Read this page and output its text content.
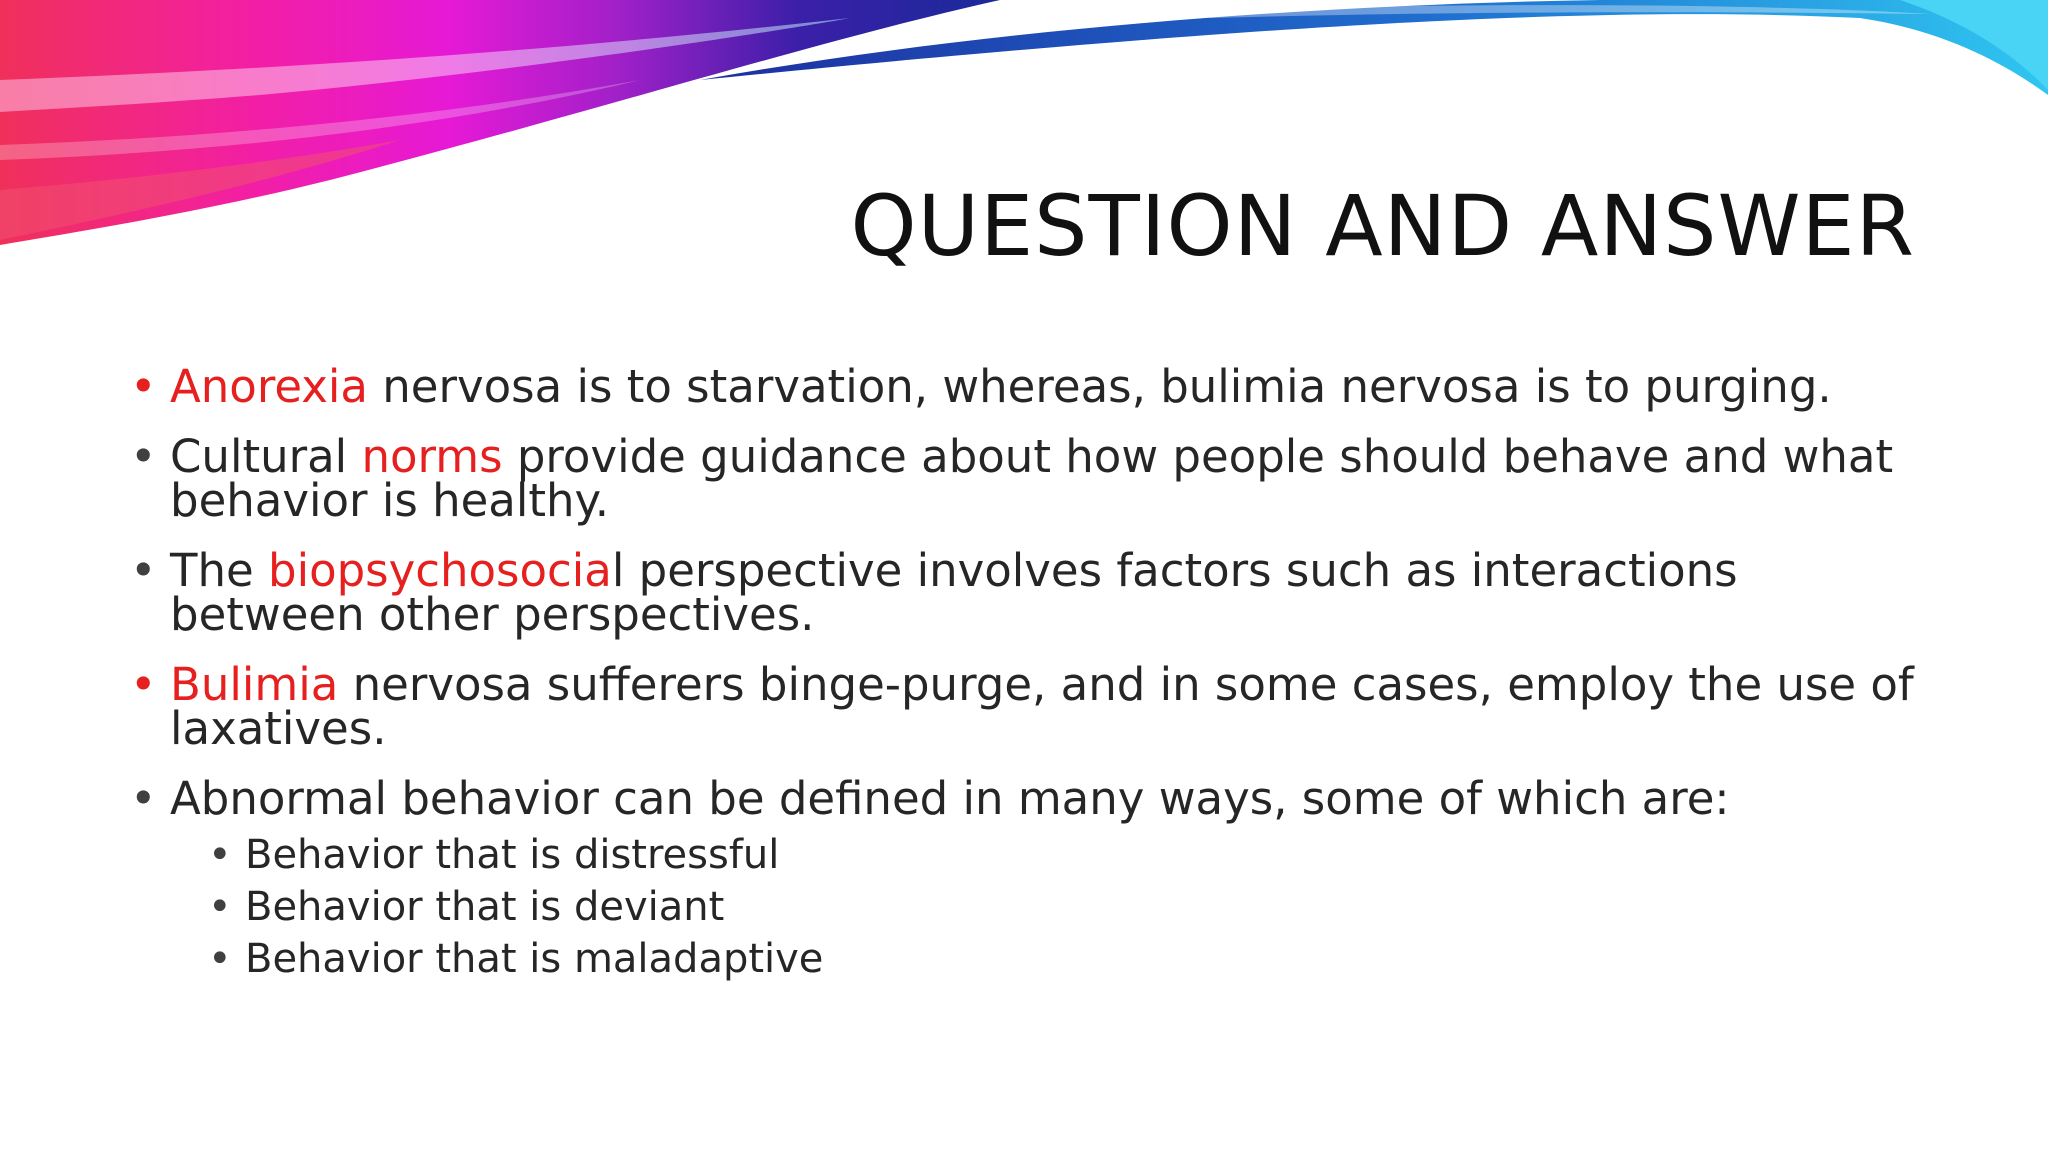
QUESTION AND ANSWER
• Anorexia nervosa is to starvation, whereas, bulimia nervosa is to purging.
• Cultural norms provide guidance about how people should behave and what behavior is healthy.
• The biopsychosocial perspective involves factors such as interactions between other perspectives.
• Bulimia nervosa sufferers binge-purge, and in some cases, employ the use of laxatives.
• Abnormal behavior can be defined in many ways, some of which are:
• Behavior that is distressful
• Behavior that is deviant
• Behavior that is maladaptive
